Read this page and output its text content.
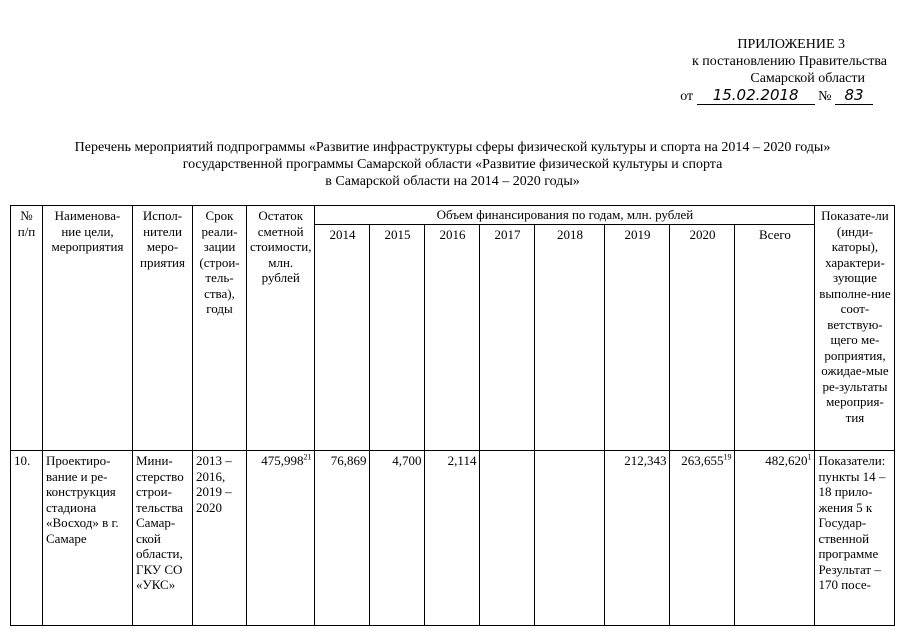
ПРИЛОЖЕНИЕ 3
к постановлению Правительства
Самарской области
от 15.02.2018 № 83
Перечень мероприятий подпрограммы «Развитие инфраструктуры сферы физической культуры и спорта на 2014 – 2020 годы»
государственной программы Самарской области «Развитие физической культуры и спорта
в Самарской области на 2014 – 2020 годы»
№ п/п	Наименова-ние цели, мероприятия	Испол-нители меро-приятия	Срок реали-зации (строи-тель-ства), годы	Остаток сметной стоимости, млн. рублей	Объем финансирования по годам, млн. рублей								Показате-ли (инди-каторы), характери-зующие выполне-ние соот-ветствую-щего ме-роприятия, ожидае-мые ре-зультаты мероприя-тия
					2014	2015	2016	2017	2018	2019	2020	Всего	
10.	Проектиро-вание и ре-конструкция стадиона «Восход» в г. Самаре	Мини-стерство строи-тельства Самар-ской области, ГКУ СО «УКС»	2013 – 2016, 2019 – 2020	475,998$^{21}$	76,869	4,700	2,114			212,343	263,655$^{19}$	482,620$^1$	Показатели: пункты 14 – 18 прило-жения 5 к Государ-ственной программе Результат – 170 посе-
